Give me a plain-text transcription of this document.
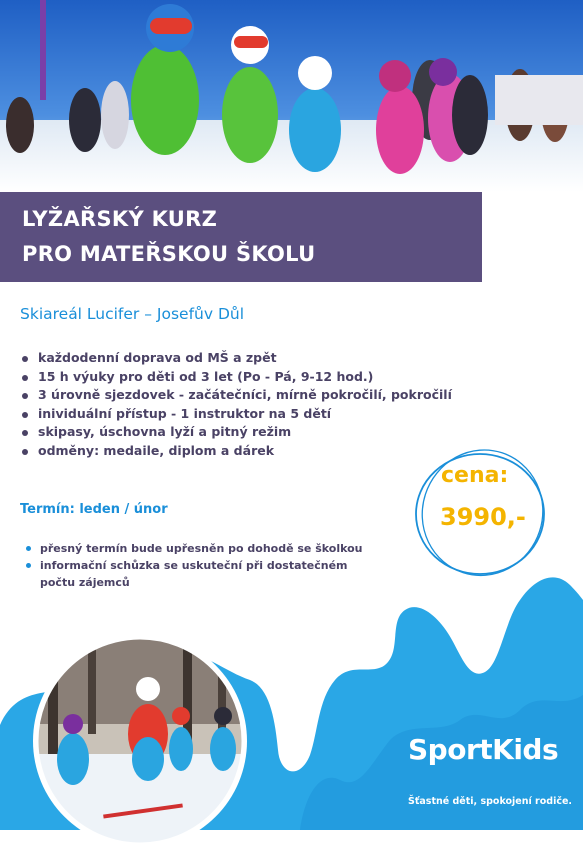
LYŽAŘSKÝ KURZ
PRO MATEŘSKOU ŠKOLU
Skiareál Lucifer – Josefův Důl
každodenní doprava od MŠ a zpět
15 h výuky pro děti od 3 let (Po - Pá, 9-12 hod.)
3 úrovně sjezdovek - začátečníci, mírně pokročilí, pokročilí
inividuální přístup - 1 instruktor na 5 dětí
skipasy, úschovna lyží a pitný režim
odměny: medaile, diplom a dárek
Termín: leden / únor
přesný termín bude upřesněn po dohodě se školkou
informační schůzka se uskuteční při dostatečném počtu zájemců
cena:
3990,-
SportKids
Šťastné děti, spokojení rodiče.
